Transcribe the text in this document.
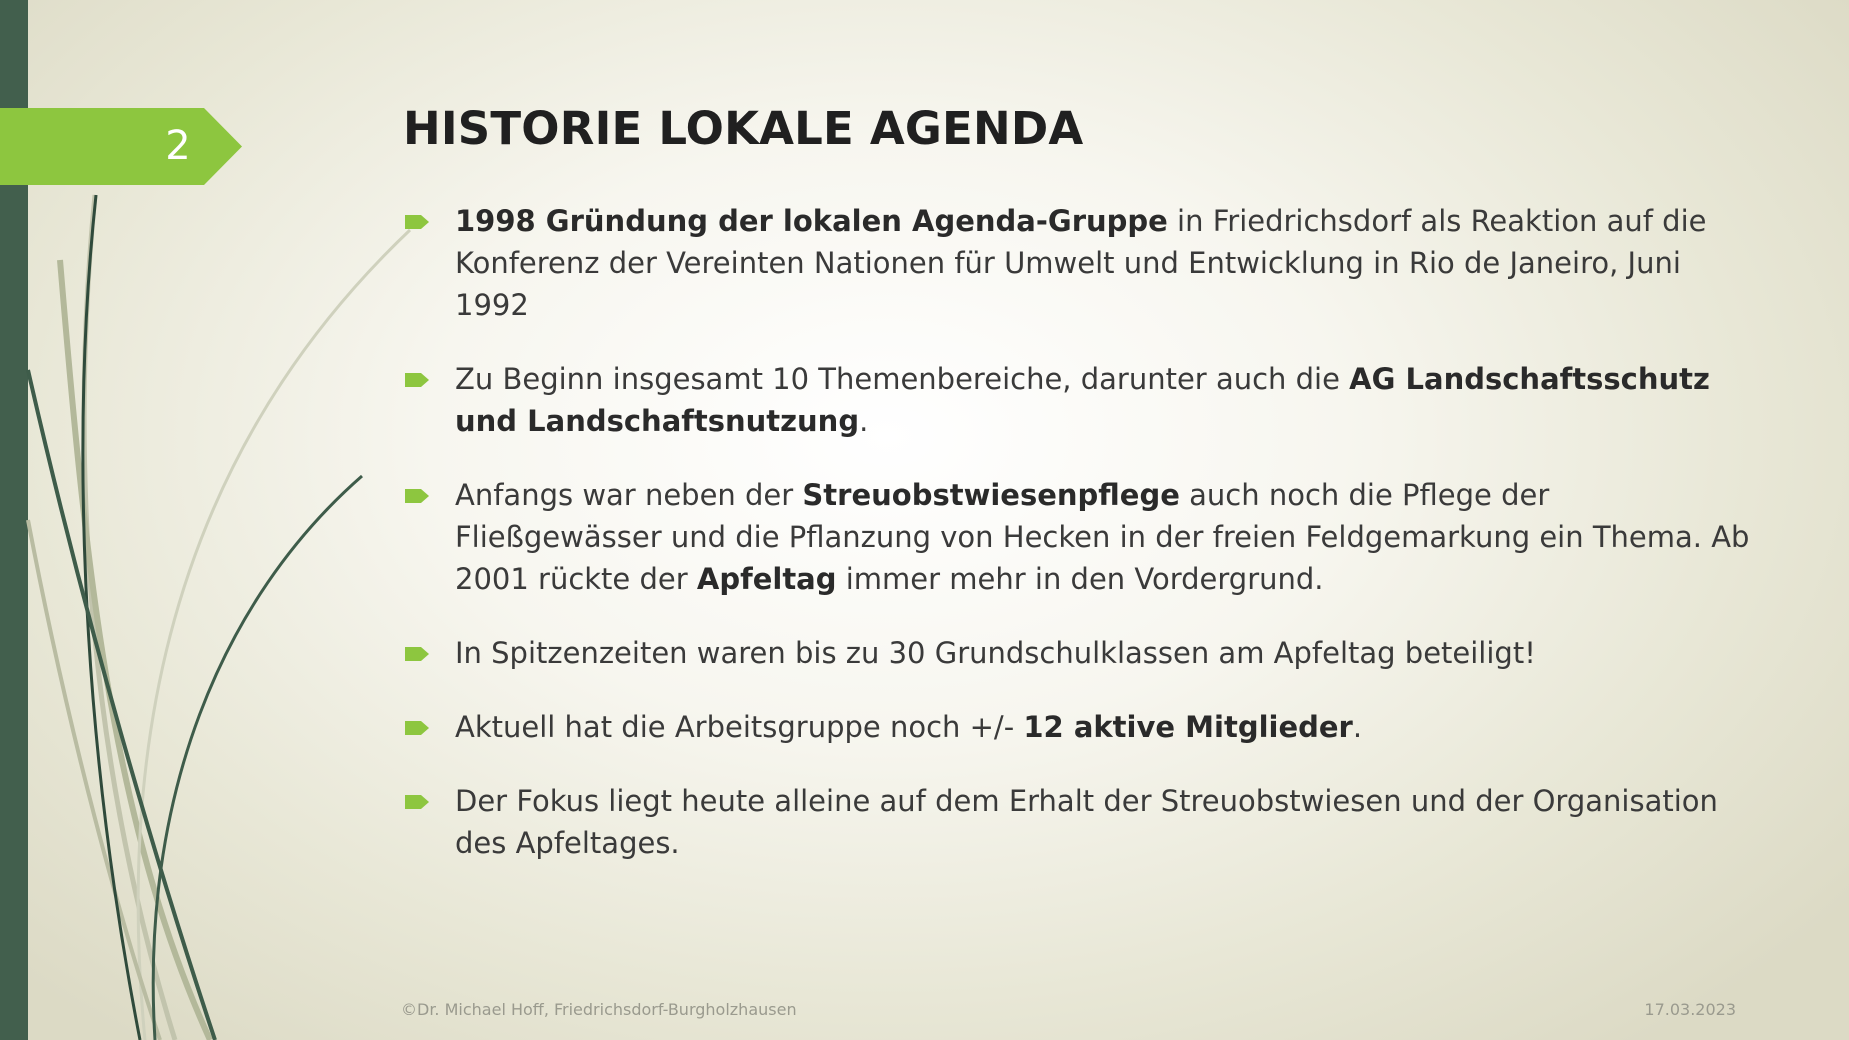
2	HISTORIE LOKALE AGENDA
1998 Gründung der lokalen Agenda-Gruppe in Friedrichsdorf als Reaktion auf die Konferenz der Vereinten Nationen für Umwelt und Entwicklung in Rio de Janeiro, Juni 1992
Zu Beginn insgesamt 10 Themenbereiche, darunter auch die AG Landschaftsschutz und Landschaftsnutzung.
Anfangs war neben der Streuobstwiesenpflege auch noch die Pflege der Fließgewässer und die Pflanzung von Hecken in der freien Feldgemarkung ein Thema. Ab 2001 rückte der Apfeltag immer mehr in den Vordergrund.
In Spitzenzeiten waren bis zu 30 Grundschulklassen am Apfeltag beteiligt!
Aktuell hat die Arbeitsgruppe noch +/- 12 aktive Mitglieder.
Der Fokus liegt heute alleine auf dem Erhalt der Streuobstwiesen und der Organisation des Apfeltages.
©Dr. Michael Hoff, Friedrichsdorf-Burgholzhausen	17.03.2023
